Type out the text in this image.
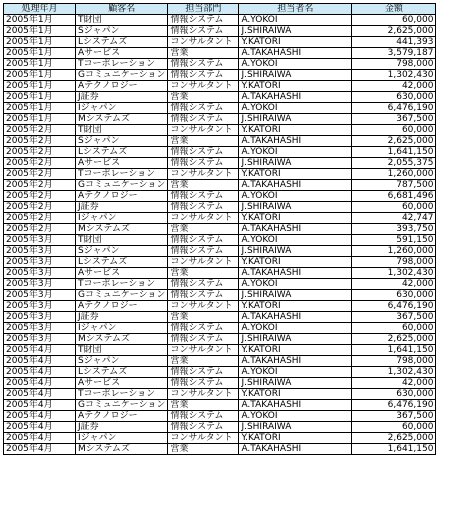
処理年月	顧客名	担当部門	担当者名	金額
2005年1月	T財団	情報システム	A.YOKOI	60,000
2005年1月	Sジャパン	情報システム	J.SHIRAIWA	2,625,000
2005年1月	Lシステムズ	コンサルタント	Y.KATORI	441,393
2005年1月	Aサービス	営業	A.TAKAHASHI	3,579,187
2005年1月	Tコーポレーション	情報システム	A.YOKOI	798,000
2005年1月	Gコミュニケーション	情報システム	J.SHIRAIWA	1,302,430
2005年1月	Aテクノロジー	コンサルタント	Y.KATORI	42,000
2005年1月	J証券	営業	A.TAKAHASHI	630,000
2005年1月	Iジャパン	情報システム	A.YOKOI	6,476,190
2005年1月	Mシステムズ	情報システム	J.SHIRAIWA	367,500
2005年2月	T財団	コンサルタント	Y.KATORI	60,000
2005年2月	Sジャパン	営業	A.TAKAHASHI	2,625,000
2005年2月	Lシステムズ	情報システム	A.YOKOI	1,641,150
2005年2月	Aサービス	情報システム	J.SHIRAIWA	2,055,375
2005年2月	Tコーポレーション	コンサルタント	Y.KATORI	1,260,000
2005年2月	Gコミュニケーション	営業	A.TAKAHASHI	787,500
2005年2月	Aテクノロジー	情報システム	A.YOKOI	6,681,496
2005年2月	J証券	情報システム	J.SHIRAIWA	60,000
2005年2月	Iジャパン	コンサルタント	Y.KATORI	42,747
2005年2月	Mシステムズ	営業	A.TAKAHASHI	393,750
2005年3月	T財団	情報システム	A.YOKOI	591,150
2005年3月	Sジャパン	情報システム	J.SHIRAIWA	1,260,000
2005年3月	Lシステムズ	コンサルタント	Y.KATORI	798,000
2005年3月	Aサービス	営業	A.TAKAHASHI	1,302,430
2005年3月	Tコーポレーション	情報システム	A.YOKOI	42,000
2005年3月	Gコミュニケーション	情報システム	J.SHIRAIWA	630,000
2005年3月	Aテクノロジー	コンサルタント	Y.KATORI	6,476,190
2005年3月	J証券	営業	A.TAKAHASHI	367,500
2005年3月	Iジャパン	情報システム	A.YOKOI	60,000
2005年3月	Mシステムズ	情報システム	J.SHIRAIWA	2,625,000
2005年4月	T財団	コンサルタント	Y.KATORI	1,641,150
2005年4月	Sジャパン	営業	A.TAKAHASHI	798,000
2005年4月	Lシステムズ	情報システム	A.YOKOI	1,302,430
2005年4月	Aサービス	情報システム	J.SHIRAIWA	42,000
2005年4月	Tコーポレーション	コンサルタント	Y.KATORI	630,000
2005年4月	Gコミュニケーション	営業	A.TAKAHASHI	6,476,190
2005年4月	Aテクノロジー	情報システム	A.YOKOI	367,500
2005年4月	J証券	情報システム	J.SHIRAIWA	60,000
2005年4月	Iジャパン	コンサルタント	Y.KATORI	2,625,000
2005年4月	Mシステムズ	営業	A.TAKAHASHI	1,641,150
